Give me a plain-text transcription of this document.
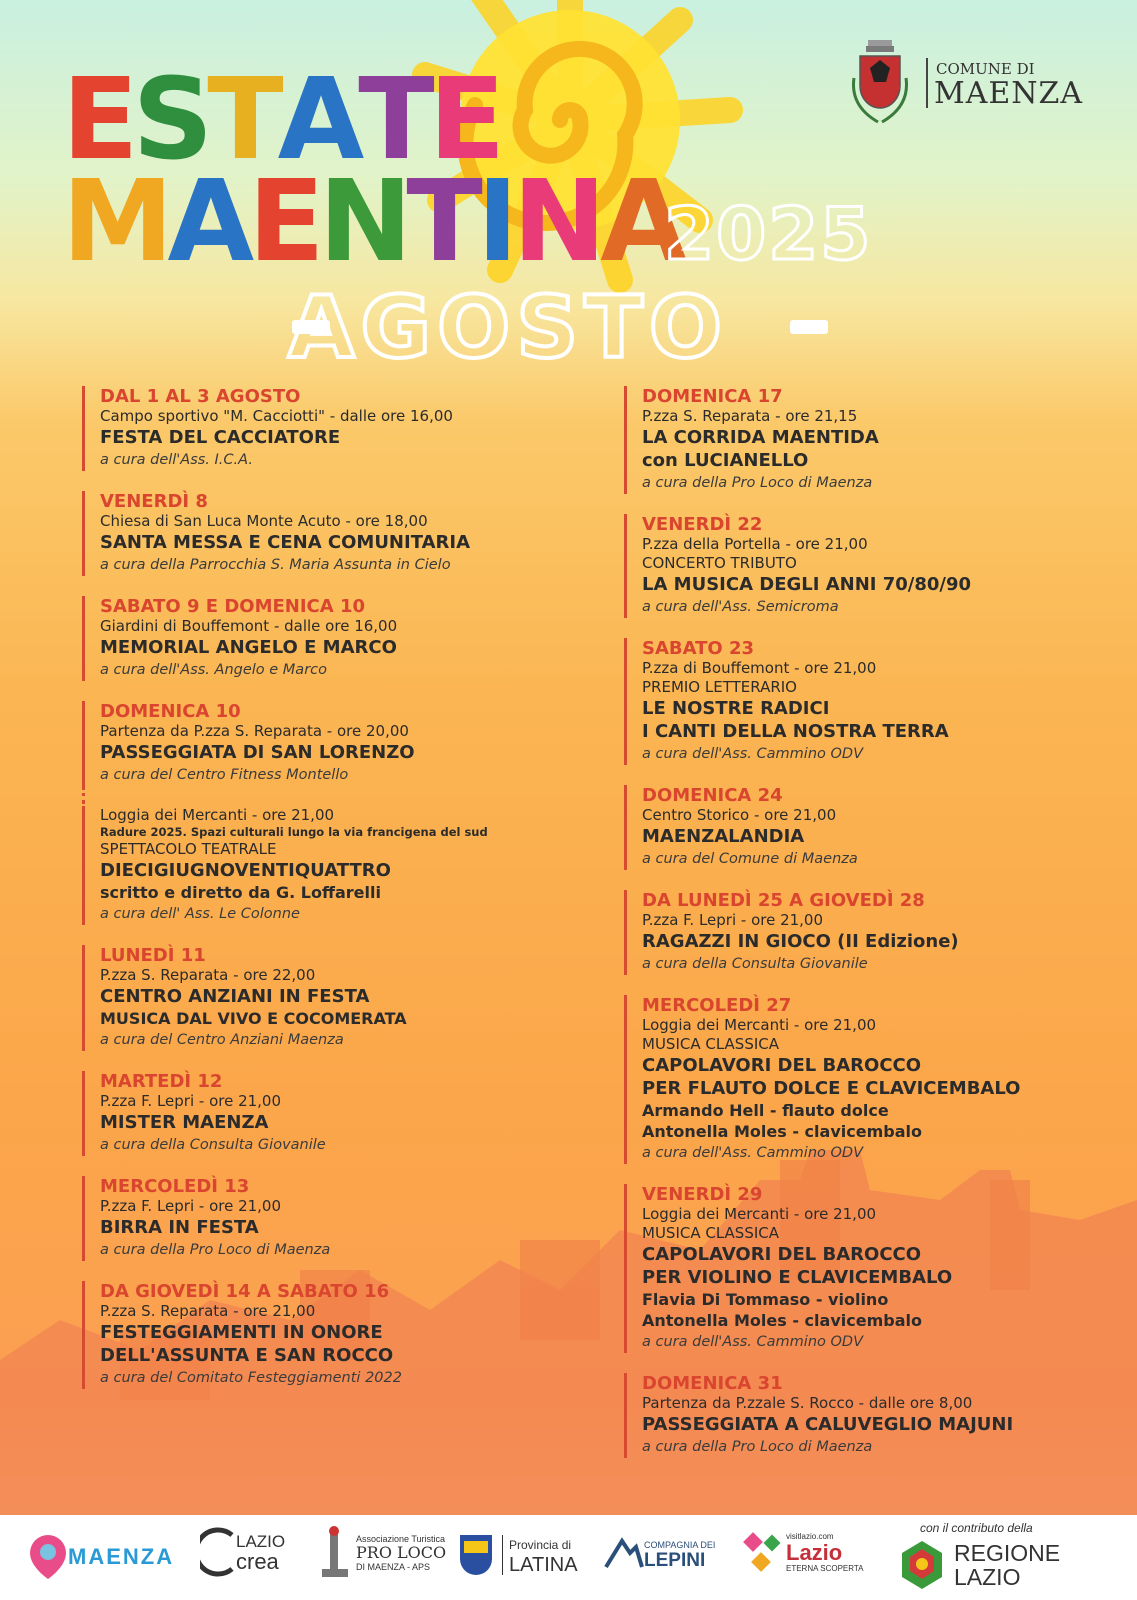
ESTATE
MAENTINA
2025
AGOSTO
COMUNE DI
MAENZA
DAL 1 AL 3 AGOSTO
Campo sportivo "M. Cacciotti" - dalle ore 16,00
FESTA DEL CACCIATORE
a cura dell'Ass. I.C.A.
VENERDÌ 8
Chiesa di San Luca Monte Acuto - ore 18,00
SANTA MESSA E CENA COMUNITARIA
a cura della Parrocchia S. Maria Assunta in Cielo
SABATO 9 E DOMENICA 10
Giardini di Bouffemont - dalle ore 16,00
MEMORIAL ANGELO E MARCO
a cura dell'Ass. Angelo e Marco
DOMENICA 10
Partenza da P.zza S. Reparata - ore 20,00
PASSEGGIATA DI SAN LORENZO
a cura del Centro Fitness Montello
Loggia dei Mercanti - ore 21,00
Radure 2025. Spazi culturali lungo la via francigena del sud
SPETTACOLO TEATRALE
DIECIGIUGNOVENTIQUATTRO
scritto e diretto da G. Loffarelli
a cura dell' Ass. Le Colonne
LUNEDÌ 11
P.zza S. Reparata - ore 22,00
CENTRO ANZIANI IN FESTA
MUSICA DAL VIVO E COCOMERATA
a cura del Centro Anziani Maenza
MARTEDÌ 12
P.zza F. Lepri - ore 21,00
MISTER MAENZA
a cura della Consulta Giovanile
MERCOLEDÌ 13
P.zza F. Lepri - ore 21,00
BIRRA IN FESTA
a cura della Pro Loco di Maenza
DA GIOVEDÌ 14 A SABATO 16
P.zza S. Reparata - ore 21,00
FESTEGGIAMENTI IN ONORE
DELL'ASSUNTA E SAN ROCCO
a cura del Comitato Festeggiamenti 2022
DOMENICA 17
P.zza S. Reparata - ore 21,15
LA CORRIDA MAENTIDA
con LUCIANELLO
a cura della Pro Loco di Maenza
VENERDÌ 22
P.zza della Portella - ore 21,00
CONCERTO TRIBUTO
LA MUSICA DEGLI ANNI 70/80/90
a cura dell'Ass. Semicroma
SABATO 23
P.zza di Bouffemont - ore 21,00
PREMIO LETTERARIO
LE NOSTRE RADICI
I CANTI DELLA NOSTRA TERRA
a cura dell'Ass. Cammino ODV
DOMENICA 24
Centro Storico - ore 21,00
MAENZALANDIA
a cura del Comune di Maenza
DA LUNEDÌ 25 A GIOVEDÌ 28
P.zza F. Lepri - ore 21,00
RAGAZZI IN GIOCO (II Edizione)
a cura della Consulta Giovanile
MERCOLEDÌ 27
Loggia dei Mercanti - ore 21,00
MUSICA CLASSICA
CAPOLAVORI DEL BAROCCO
PER FLAUTO DOLCE E CLAVICEMBALO
Armando Hell - flauto dolce
Antonella Moles - clavicembalo
a cura dell'Ass. Cammino ODV
VENERDÌ 29
Loggia dei Mercanti - ore 21,00
MUSICA CLASSICA
CAPOLAVORI DEL BAROCCO
PER VIOLINO E CLAVICEMBALO
Flavia Di Tommaso - violino
Antonella Moles - clavicembalo
a cura dell'Ass. Cammino ODV
DOMENICA 31
Partenza da P.zzale S. Rocco - dalle ore 8,00
PASSEGGIATA A CALUVEGLIO MAJUNI
a cura della Pro Loco di Maenza
MAENZA
LAZIO
crea
Associazione Turistica
PRO LOCO
DI MAENZA - APS
Provincia di
LATINA
COMPAGNIA DEI
LEPINI
visitlazio.com
Lazio
ETERNA SCOPERTA
con il contributo della
REGIONE
LAZIO
